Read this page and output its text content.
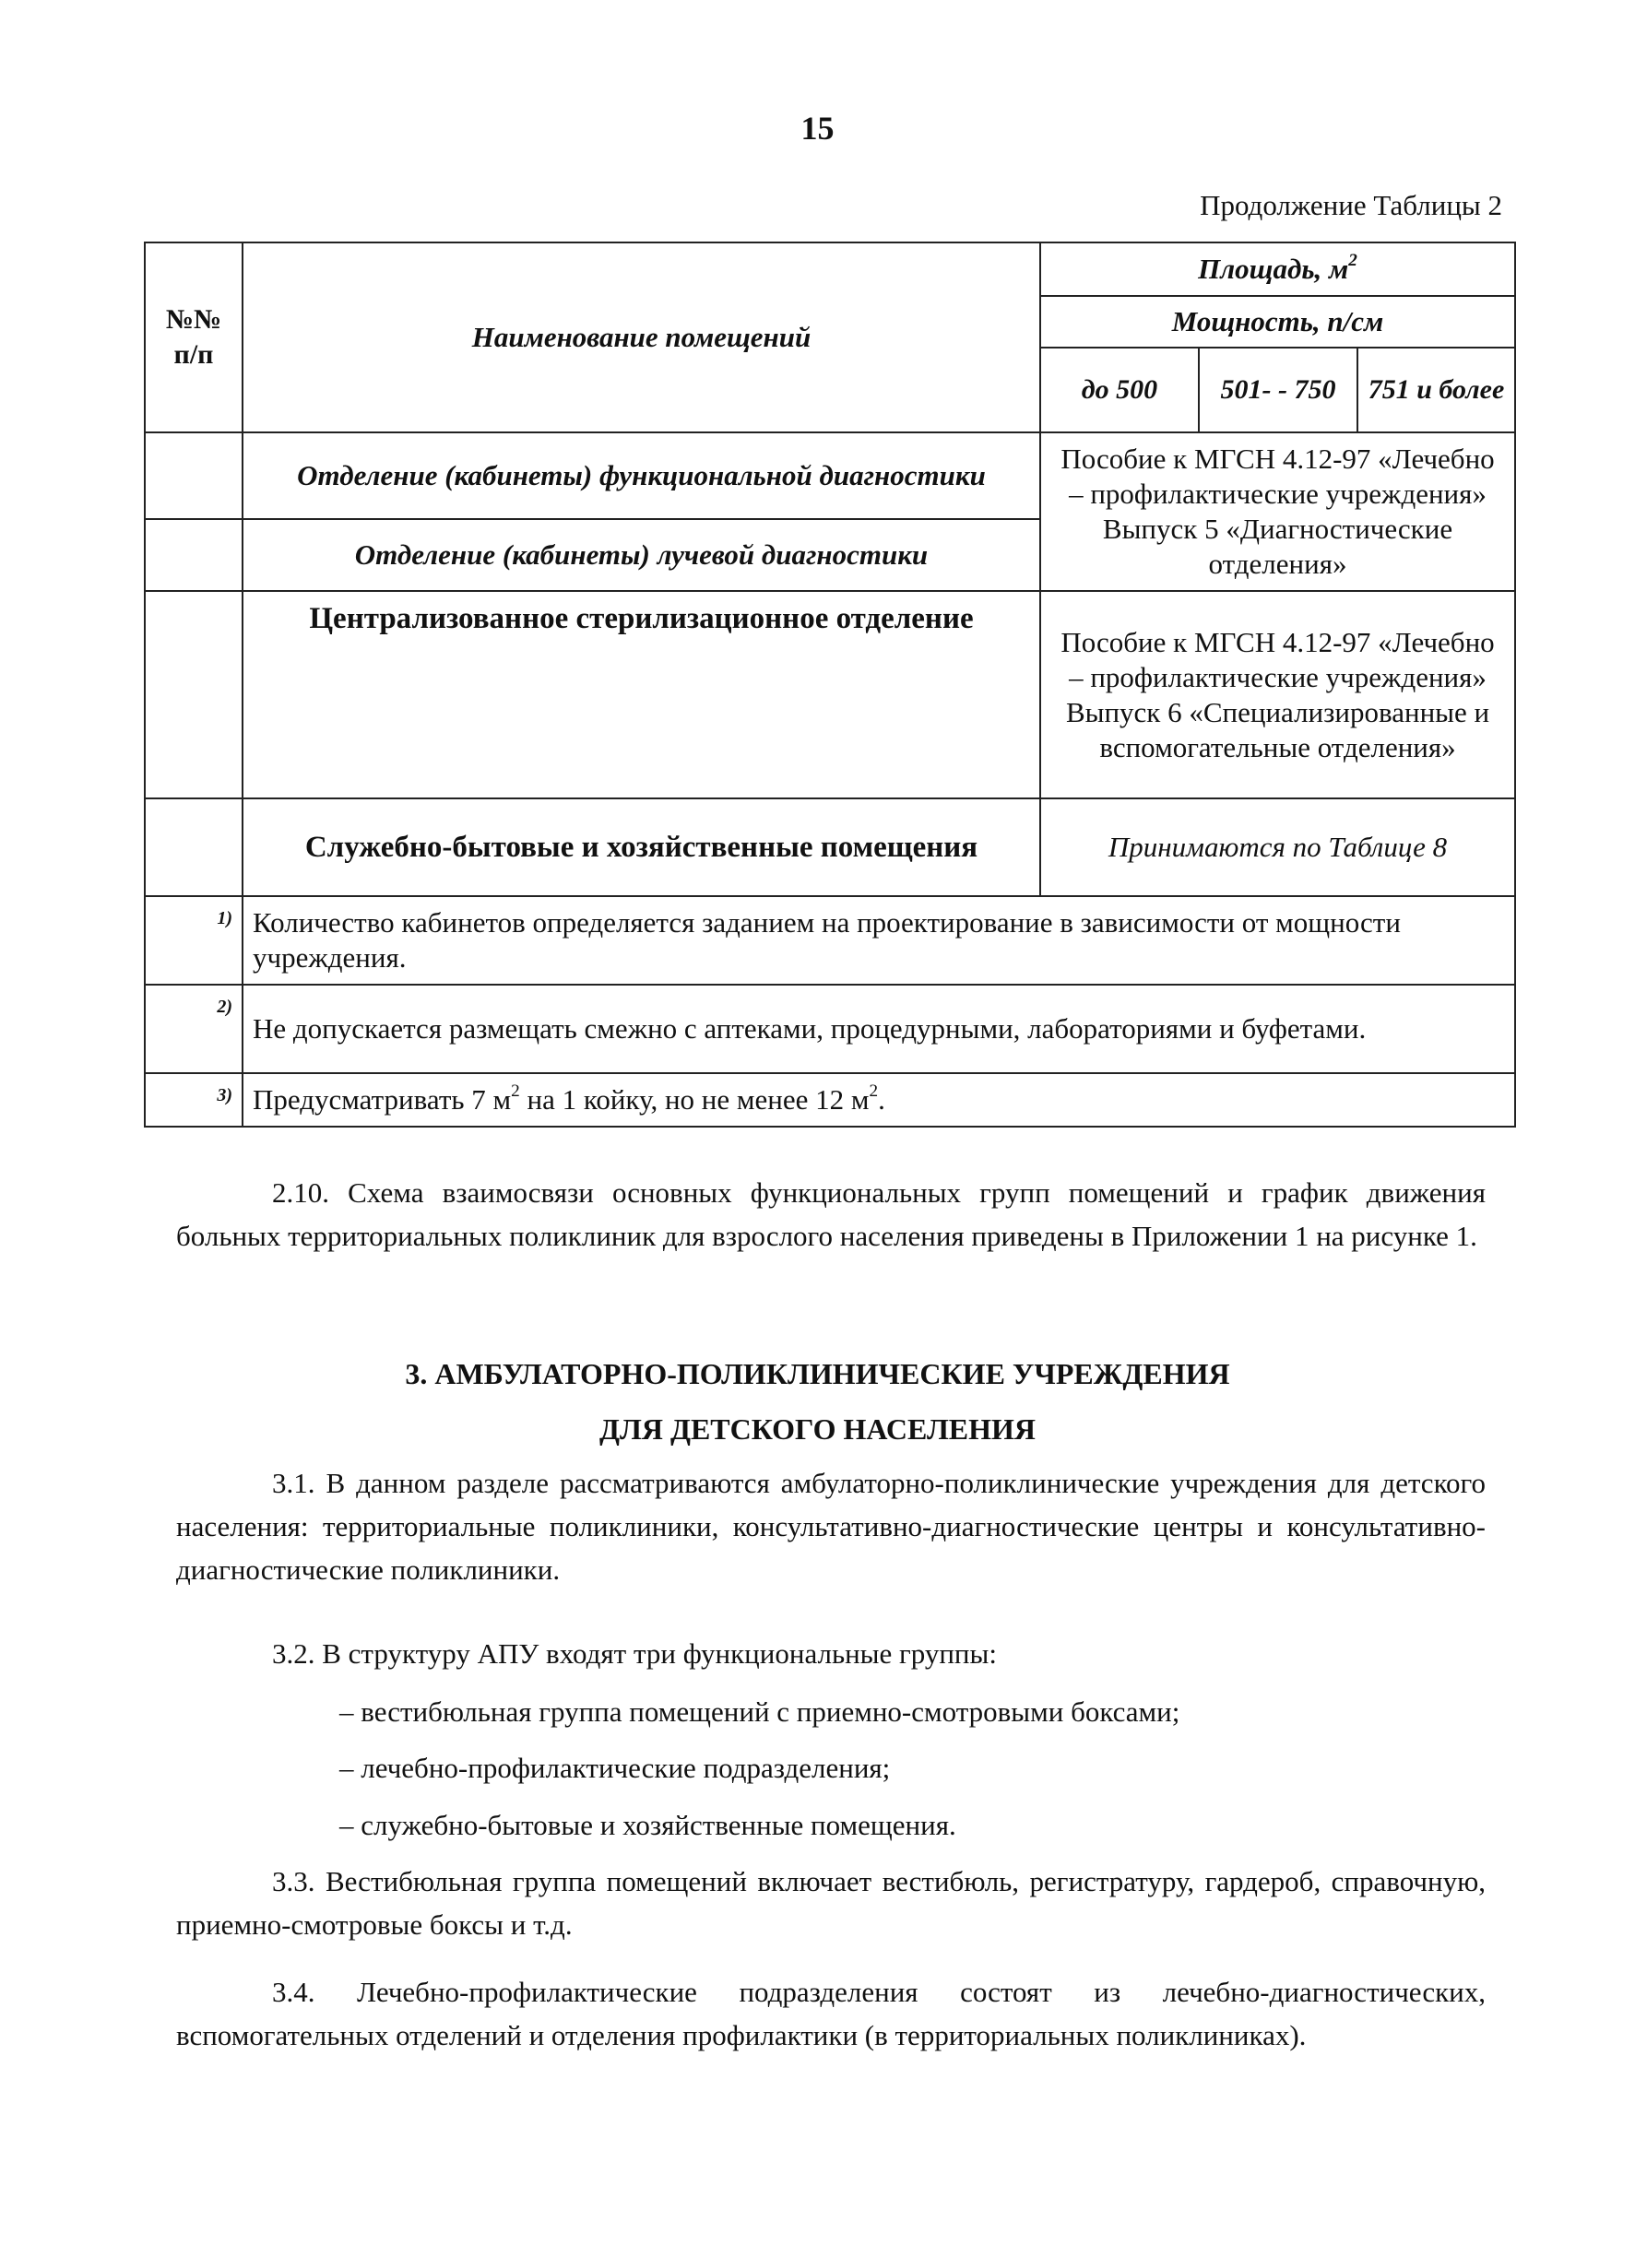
15
Продолжение Таблицы 2
№№ п/п	Наименование помещений	Площадь, $м^2$
		Мощность, п/см		
		до 500	501- - 750	751 и более
	Отделение (кабинеты) функциональной диагностики	Пособие к МГСН 4.12-97 «Лечебно – профилактические учреждения» Выпуск 5 «Диагностические отделения»		
	Отделение (кабинеты) лучевой диагностики			
	Централизованное стерилизационное отделение	Пособие к МГСН 4.12-97 «Лечебно – профилактические учреждения» Выпуск 6 «Специализированные и вспомогательные отделения»		
	Служебно-бытовые и хозяйственные помещения	Принимаются по Таблице 8		
1)	Количество кабинетов определяется заданием на проектирование в зависимости от мощности учреждения.			
2)	Не допускается размещать смежно с аптеками, процедурными, лабораториями и буфетами.			
3)	Предусматривать 7 $м^2$ на 1 койку, но не менее 12 $м^2$.			
2.10. Схема взаимосвязи основных функциональных групп помещений и график движения больных территориальных поликлиник для взрослого населения приведены в Приложении 1 на рисунке 1.
3. АМБУЛАТОРНО-ПОЛИКЛИНИЧЕСКИЕ УЧРЕЖДЕНИЯ
ДЛЯ ДЕТСКОГО НАСЕЛЕНИЯ
3.1. В данном разделе рассматриваются амбулаторно-поликлинические учреждения для детского населения: территориальные поликлиники, консультативно-диагностические центры и консультативно-диагностические поликлиники.
3.2. В структуру АПУ входят три функциональные группы:
– вестибюльная группа помещений с приемно-смотровыми боксами;
– лечебно-профилактические подразделения;
– служебно-бытовые и хозяйственные помещения.
3.3. Вестибюльная группа помещений включает вестибюль, регистратуру, гардероб, справочную, приемно-смотровые боксы и т.д.
3.4. Лечебно-профилактические подразделения состоят из лечебно-диагностических, вспомогательных отделений и отделения профилактики (в территориальных поликлиниках).
